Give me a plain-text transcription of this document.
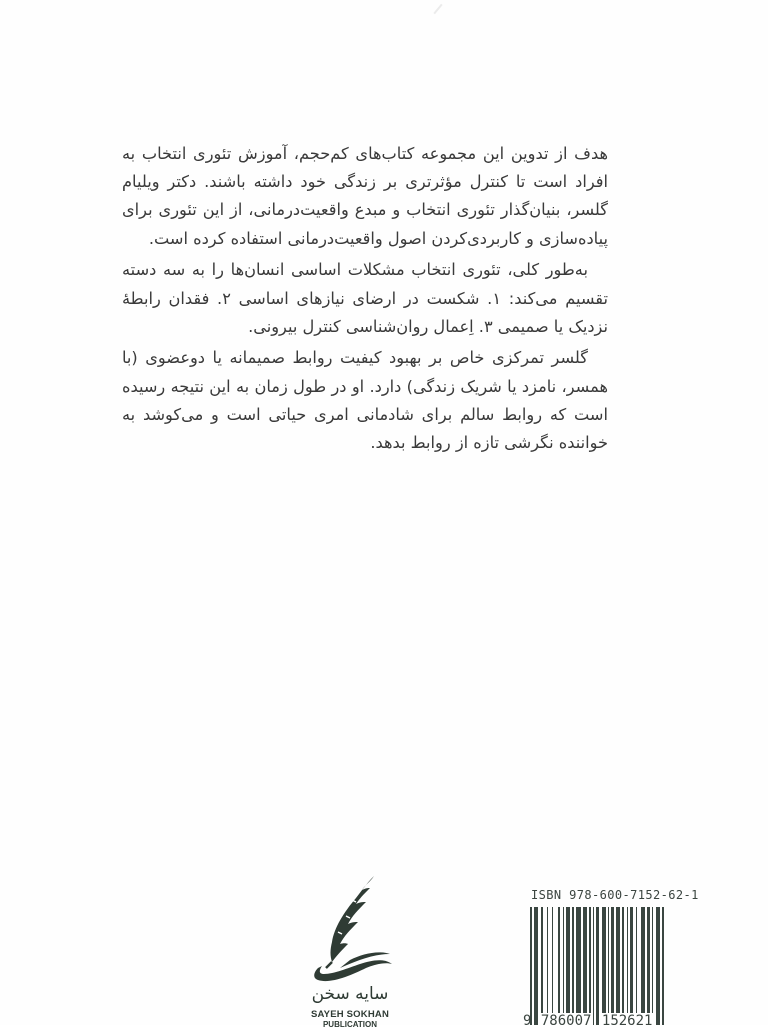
هدف از تدوین این مجموعه کتاب‌های کم‌حجم، آموزش تئوری انتخاب به افراد است تا کنترل مؤثرتری بر زندگی خود داشته باشند. دکتر ویلیام گلسر، بنیان‌گذار تئوری انتخاب و مبدع واقعیت‌درمانی، از این تئوری برای پیاده‌سازی و کاربردی‌کردن اصول واقعیت‌درمانی استفاده کرده است.

به‌طور کلی، تئوری انتخاب مشکلات اساسی انسان‌ها را به سه دسته تقسیم می‌کند: ۱. شکست در ارضای نیازهای اساسی ۲. فقدان رابطهٔ نزدیک یا صمیمی ۳. اِعمال روان‌شناسی کنترل بیرونی.

گلسر تمرکزی خاص بر بهبود کیفیت روابط صمیمانه یا دوعضوی (با همسر، نامزد یا شریک زندگی) دارد. او در طول زمان به این نتیجه رسیده است که روابط سالم برای شادمانی امری حیاتی است و می‌کوشد به خواننده نگرشی تازه از روابط بدهد.

سایه سخن
SAYEH SOKHAN
PUBLICATION
ISBN 978-600-7152-62-1
9 786007 152621
